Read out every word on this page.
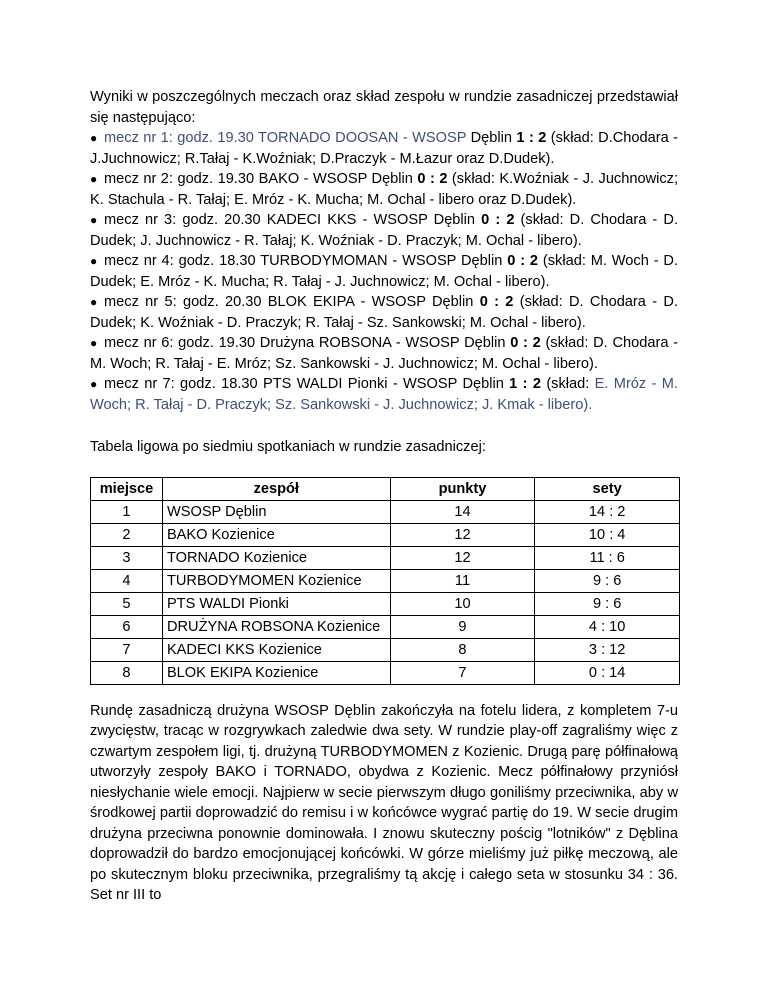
Wyniki w poszczególnych meczach oraz skład zespołu w rundzie zasadniczej przedstawiał się następująco:

● mecz nr 1: godz. 19.30 TORNADO DOOSAN - WSOSP Dęblin 1 : 2 (skład: D.Chodara - J.Juchnowicz; R.Tałaj - K.Woźniak; D.Praczyk - M.Łazur oraz D.Dudek).
● mecz nr 2: godz. 19.30 BAKO - WSOSP Dęblin 0 : 2 (skład: K.Woźniak - J. Juchnowicz; K. Stachula - R. Tałaj; E. Mróz - K. Mucha; M. Ochal - libero oraz D.Dudek).
● mecz nr 3: godz. 20.30 KADECI KKS - WSOSP Dęblin 0 : 2 (skład: D. Chodara - D. Dudek; J. Juchnowicz - R. Tałaj; K. Woźniak - D. Praczyk; M. Ochal - libero).
● mecz nr 4: godz. 18.30 TURBODYMOMAN - WSOSP Dęblin 0 : 2 (skład: M. Woch - D. Dudek; E. Mróz - K. Mucha; R. Tałaj - J. Juchnowicz; M. Ochal - libero).
● mecz nr 5: godz. 20.30 BLOK EKIPA - WSOSP Dęblin 0 : 2 (skład: D. Chodara - D. Dudek; K. Woźniak - D. Praczyk; R. Tałaj - Sz. Sankowski; M. Ochal - libero).
● mecz nr 6: godz. 19.30 Drużyna ROBSONA - WSOSP Dęblin 0 : 2 (skład: D. Chodara - M. Woch; R. Tałaj - E. Mróz; Sz. Sankowski - J. Juchnowicz; M. Ochal - libero).
● mecz nr 7: godz. 18.30 PTS WALDI Pionki - WSOSP Dęblin 1 : 2 (skład: E. Mróz - M. Woch; R. Tałaj - D. Praczyk; Sz. Sankowski - J. Juchnowicz; J. Kmak - libero).

Tabela ligowa po siedmiu spotkaniach w rundzie zasadniczej:

miejsce	zespół	punkty	sety
1	WSOSP Dęblin	14	14 : 2
2	BAKO Kozienice	12	10 : 4
3	TORNADO Kozienice	12	11 : 6
4	TURBODYMOMEN Kozienice	11	9 : 6
5	PTS WALDI Pionki	10	9 : 6
6	DRUŻYNA ROBSONA Kozienice	9	4 : 10
7	KADECI KKS Kozienice	8	3 : 12
8	BLOK EKIPA Kozienice	7	0 : 14

Rundę zasadniczą drużyna WSOSP Dęblin zakończyła na fotelu lidera, z kompletem 7-u zwycięstw, tracąc w rozgrywkach zaledwie dwa sety. W rundzie play-off zagraliśmy więc z czwartym zespołem ligi, tj. drużyną TURBODYMOMEN z Kozienic. Drugą parę półfinałową utworzyły zespoły BAKO i TORNADO, obydwa z Kozienic. Mecz półfinałowy przyniósł niesłychanie wiele emocji. Najpierw w secie pierwszym długo goniliśmy przeciwnika, aby w środkowej partii doprowadzić do remisu i w końcówce wygrać partię do 19. W secie drugim drużyna przeciwna ponownie dominowała. I znowu skuteczny pościg "lotników" z Dęblina doprowadził do bardzo emocjonującej końcówki. W górze mieliśmy już piłkę meczową, ale po skutecznym bloku przeciwnika, przegraliśmy tą akcję i całego seta w stosunku 34 : 36. Set nr III to
